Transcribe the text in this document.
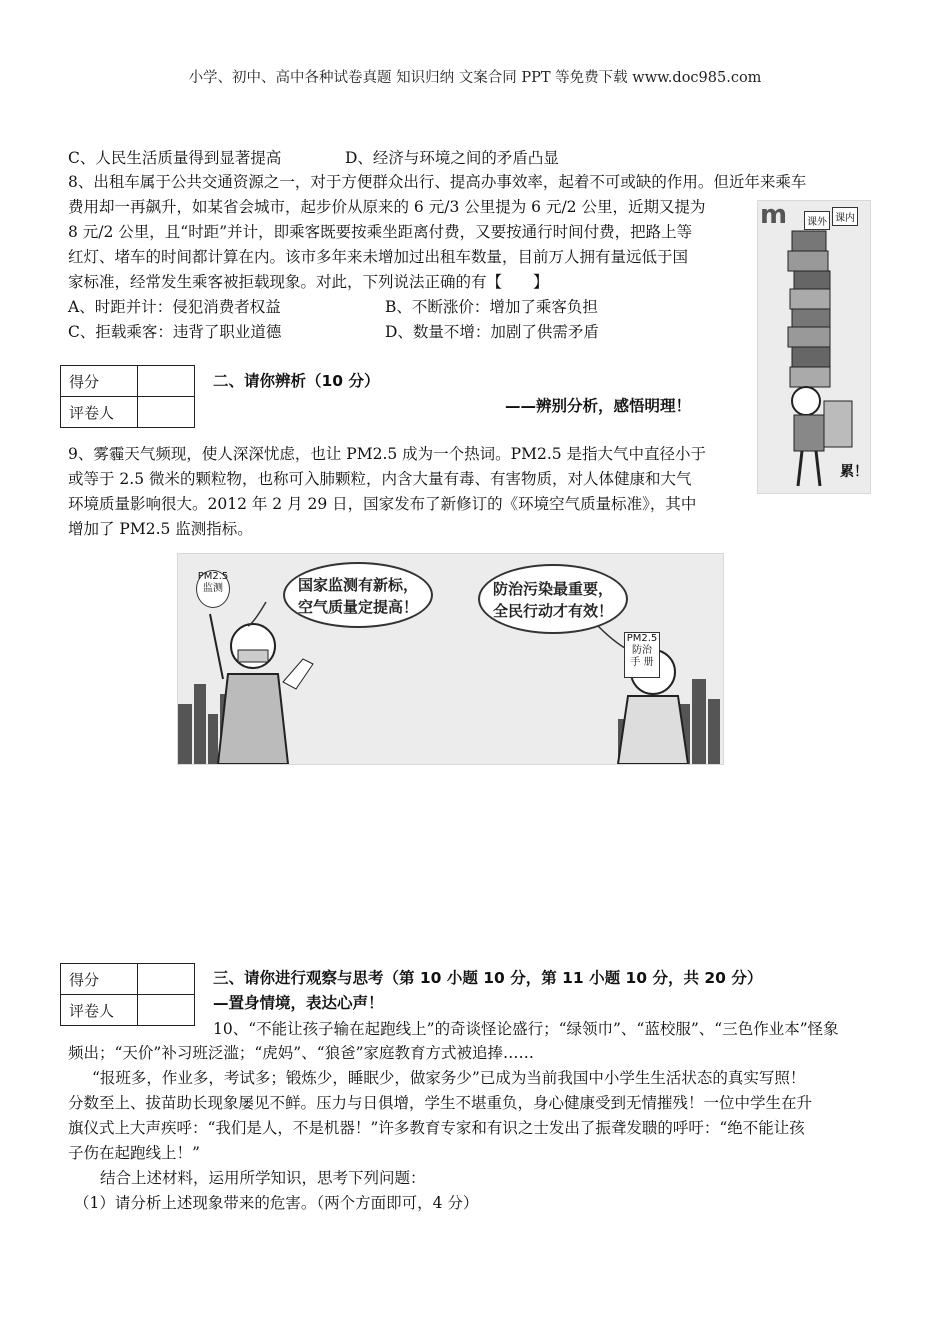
小学、初中、高中各种试卷真题 知识归纳 文案合同 PPT 等免费下载 www.doc985.com
C、人民生活质量得到显著提高	D、经济与环境之间的矛盾凸显
8、出租车属于公共交通资源之一，对于方便群众出行、提高办事效率，起着不可或缺的作用。但近年来乘车
费用却一再飙升，如某省会城市，起步价从原来的 6 元/3 公里提为 6 元/2 公里，近期又提为
8 元/2 公里，且“时距”并计，即乘客既要按乘坐距离付费，又要按通行时间付费，把路上等
红灯、堵车的时间都计算在内。该市多年来未增加过出租车数量，目前万人拥有量远低于国
家标准，经常发生乘客被拒载现象。对此，下列说法正确的有【　　】
A、时距并计：侵犯消费者权益	B、不断涨价：增加了乘客负担
C、拒载乘客：违背了职业道德	D、数量不增：加剧了供需矛盾
m	课外 课内
累！
得分	
评卷人	
二、请你辨析（10 分）
——辨别分析，感悟明理！
9、雾霾天气频现，使人深深忧虑，也让 PM2.5 成为一个热词。PM2.5 是指大气中直径小于
或等于 2.5 微米的颗粒物，也称可入肺颗粒，内含大量有毒、有害物质，对人体健康和大气
环境质量影响很大。2012 年 2 月 29 日，国家发布了新修订的《环境空气质量标准》，其中
增加了 PM2.5 监测指标。
PM2.5
监测	国家监测有新标，
空气质量定提高！
防治污染最重要，
全民行动才有效！
PM2.5
防治
手 册
得分	
评卷人	
三、请你进行观察与思考（第 10 小题 10 分，第 11 小题 10 分，共 20 分）
—置身情境，表达心声！
10、“不能让孩子输在起跑线上”的奇谈怪论盛行；“绿领巾”、“蓝校服”、“三色作业本”怪象
频出；“天价”补习班泛滥；“虎妈”、“狼爸”家庭教育方式被追捧……
“报班多，作业多，考试多；锻炼少，睡眠少，做家务少”已成为当前我国中小学生生活状态的真实写照！
分数至上、拔苗助长现象屡见不鲜。压力与日俱增，学生不堪重负，身心健康受到无情摧残！一位中学生在升
旗仪式上大声疾呼：“我们是人，不是机器！”许多教育专家和有识之士发出了振聋发聩的呼吁：“绝不能让孩
子伤在起跑线上！”
结合上述材料，运用所学知识，思考下列问题：
（1）请分析上述现象带来的危害。（两个方面即可，4 分）
